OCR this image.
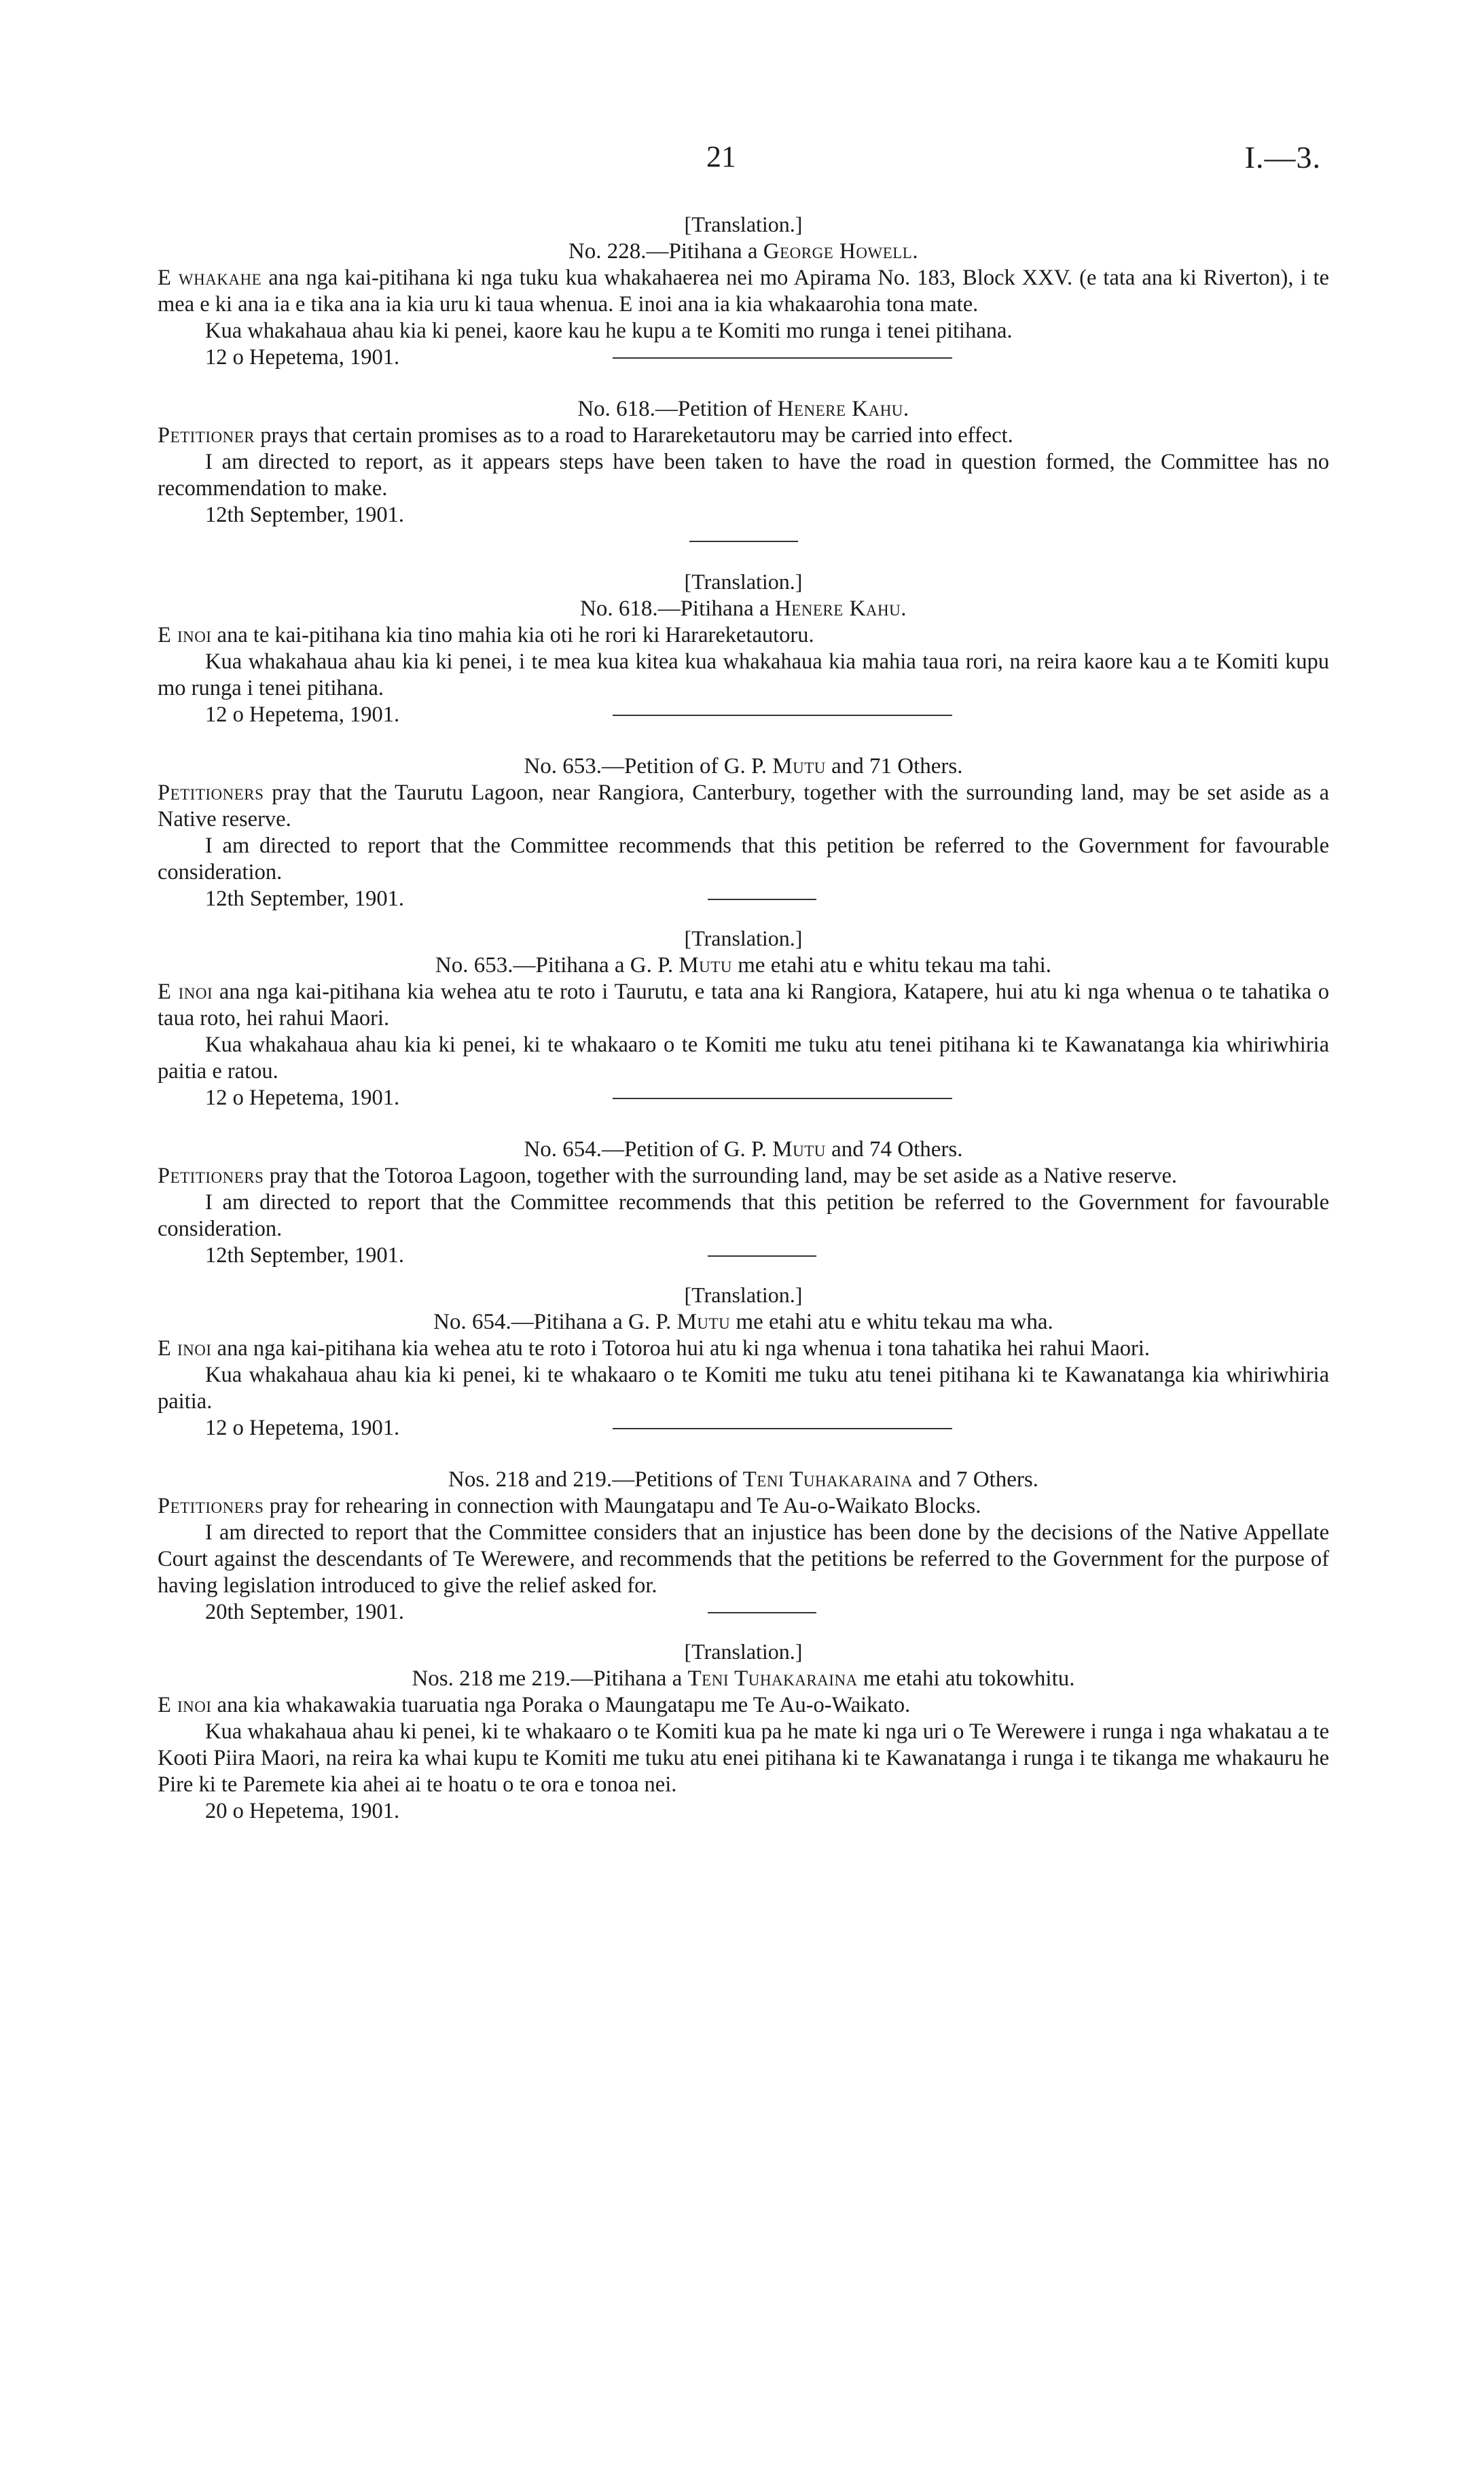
21	I.—3.
[Translation.]
No. 228.—Pitihana a George Howell.

E whakahe ana nga kai-pitihana ki nga tuku kua whakahaerea nei mo Apirama No. 183, Block XXV. (e tata ana ki Riverton), i te mea e ki ana ia e tika ana ia kia uru ki taua whenua. E inoi ana ia kia whakaarohia tona mate.

Kua whakahaua ahau kia ki penei, kaore kau he kupu a te Komiti mo runga i tenei pitihana.

12 o Hepetema, 1901.
No. 618.—Petition of Henere Kahu.

Petitioner prays that certain promises as to a road to Harareketautoru may be carried into effect.

I am directed to report, as it appears steps have been taken to have the road in question formed, the Committee has no recommendation to make.

12th September, 1901.
[Translation.]
No. 618.—Pitihana a Henere Kahu.

E inoi ana te kai-pitihana kia tino mahia kia oti he rori ki Harareketautoru.

Kua whakahaua ahau kia ki penei, i te mea kua kitea kua whakahaua kia mahia taua rori, na reira kaore kau a te Komiti kupu mo runga i tenei pitihana.

12 o Hepetema, 1901.
No. 653.—Petition of G. P. Mutu and 71 Others.

Petitioners pray that the Taurutu Lagoon, near Rangiora, Canterbury, together with the surrounding land, may be set aside as a Native reserve.

I am directed to report that the Committee recommends that this petition be referred to the Government for favourable consideration.

12th September, 1901.
[Translation.]
No. 653.—Pitihana a G. P. Mutu me etahi atu e whitu tekau ma tahi.

E inoi ana nga kai-pitihana kia wehea atu te roto i Taurutu, e tata ana ki Rangiora, Katapere, hui atu ki nga whenua o te tahatika o taua roto, hei rahui Maori.

Kua whakahaua ahau kia ki penei, ki te whakaaro o te Komiti me tuku atu tenei pitihana ki te Kawanatanga kia whiriwhiria paitia e ratou.

12 o Hepetema, 1901.
No. 654.—Petition of G. P. Mutu and 74 Others.

Petitioners pray that the Totoroa Lagoon, together with the surrounding land, may be set aside as a Native reserve.

I am directed to report that the Committee recommends that this petition be referred to the Government for favourable consideration.

12th September, 1901.
[Translation.]
No. 654.—Pitihana a G. P. Mutu me etahi atu e whitu tekau ma wha.

E inoi ana nga kai-pitihana kia wehea atu te roto i Totoroa hui atu ki nga whenua i tona tahatika hei rahui Maori.

Kua whakahaua ahau kia ki penei, ki te whakaaro o te Komiti me tuku atu tenei pitihana ki te Kawanatanga kia whiriwhiria paitia.

12 o Hepetema, 1901.
Nos. 218 and 219.—Petitions of Teni Tuhakaraina and 7 Others.

Petitioners pray for rehearing in connection with Maungatapu and Te Au-o-Waikato Blocks.

I am directed to report that the Committee considers that an injustice has been done by the decisions of the Native Appellate Court against the descendants of Te Werewere, and recommends that the petitions be referred to the Government for the purpose of having legislation introduced to give the relief asked for.

20th September, 1901.
[Translation.]
Nos. 218 me 219.—Pitihana a Teni Tuhakaraina me etahi atu tokowhitu.

E inoi ana kia whakawakia tuaruatia nga Poraka o Maungatapu me Te Au-o-Waikato.

Kua whakahaua ahau ki penei, ki te whakaaro o te Komiti kua pa he mate ki nga uri o Te Werewere i runga i nga whakatau a te Kooti Piira Maori, na reira ka whai kupu te Komiti me tuku atu enei pitihana ki te Kawanatanga i runga i te tikanga me whakauru he Pire ki te Paremete kia ahei ai te hoatu o te ora e tonoa nei.

20 o Hepetema, 1901.
